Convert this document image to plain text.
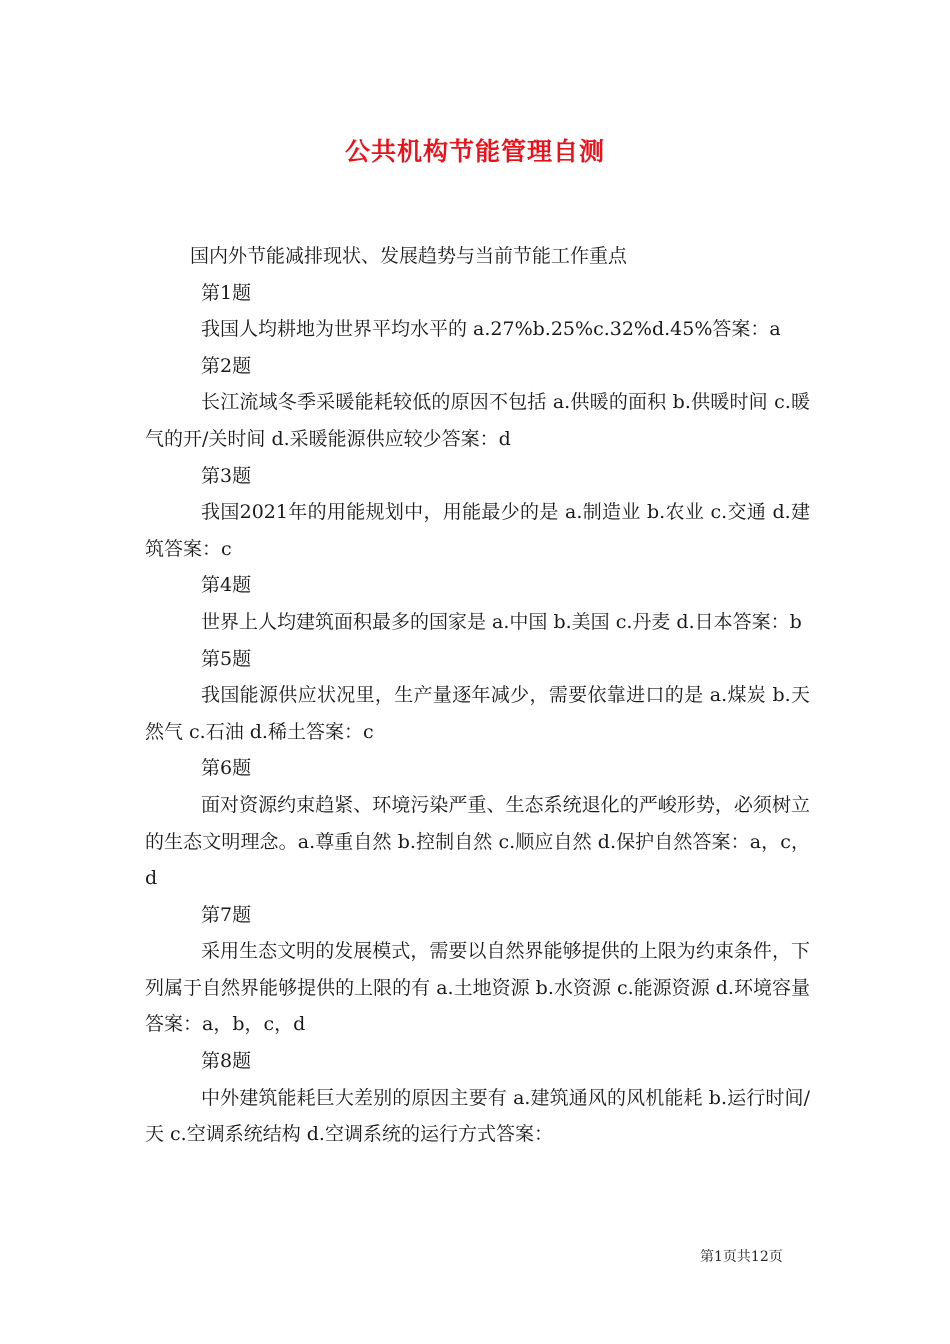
公共机构节能管理自测

国内外节能减排现状、发展趋势与当前节能工作重点

第1题

我国人均耕地为世界平均水平的 a.27%b.25%c.32%d.45%答案：a

第2题

长江流域冬季采暖能耗较低的原因不包括 a.供暖的面积 b.供暖时间 c.暖气的开/关时间 d.采暖能源供应较少答案：d

第3题

我国2021年的用能规划中，用能最少的是 a.制造业 b.农业 c.交通 d.建筑答案：c

第4题

世界上人均建筑面积最多的国家是 a.中国 b.美国 c.丹麦 d.日本答案：b

第5题

我国能源供应状况里，生产量逐年减少，需要依靠进口的是 a.煤炭 b.天然气 c.石油 d.稀土答案：c

第6题

面对资源约束趋紧、环境污染严重、生态系统退化的严峻形势，必须树立的生态文明理念。a.尊重自然 b.控制自然 c.顺应自然 d.保护自然答案：a，c，d

第7题

采用生态文明的发展模式，需要以自然界能够提供的上限为约束条件，下列属于自然界能够提供的上限的有 a.土地资源 b.水资源 c.能源资源 d.环境容量答案：a，b，c，d

第8题

中外建筑能耗巨大差别的原因主要有 a.建筑通风的风机能耗 b.运行时间/天 c.空调系统结构 d.空调系统的运行方式答案：

第1页共12页
